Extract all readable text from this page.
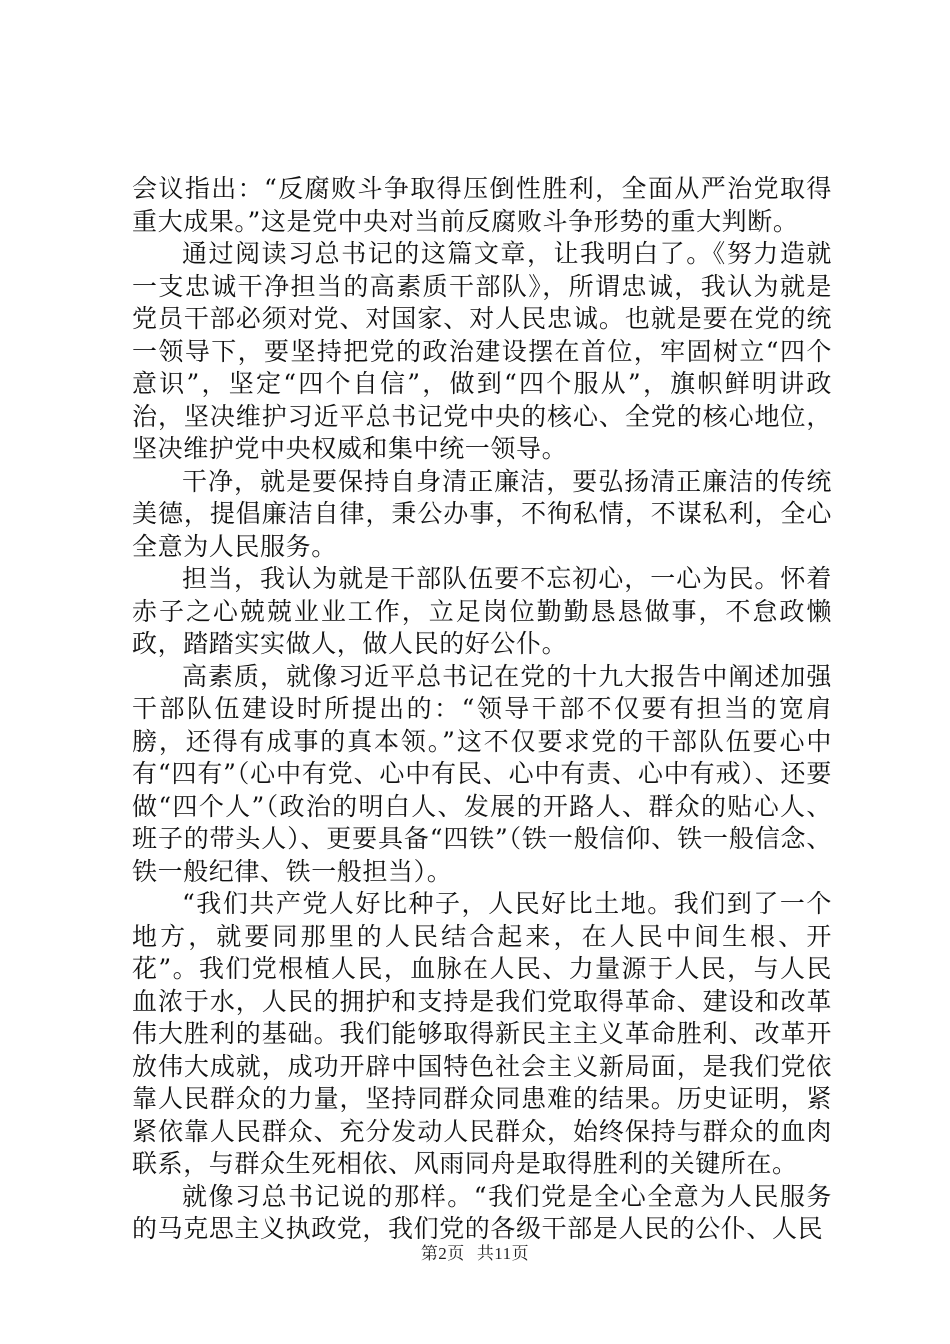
会议指出：“反腐败斗争取得压倒性胜利，全面从严治党取得重大成果。”这是党中央对当前反腐败斗争形势的重大判断。

通过阅读习总书记的这篇文章，让我明白了。《努力造就一支忠诚干净担当的高素质干部队》，所谓忠诚，我认为就是党员干部必须对党、对国家、对人民忠诚。也就是要在党的统一领导下，要坚持把党的政治建设摆在首位，牢固树立“四个意识”，坚定“四个自信”，做到“四个服从”，旗帜鲜明讲政治，坚决维护习近平总书记党中央的核心、全党的核心地位，坚决维护党中央权威和集中统一领导。

干净，就是要保持自身清正廉洁，要弘扬清正廉洁的传统美德，提倡廉洁自律，秉公办事，不徇私情，不谋私利，全心全意为人民服务。

担当，我认为就是干部队伍要不忘初心，一心为民。怀着赤子之心兢兢业业工作，立足岗位勤勤恳恳做事，不怠政懒政，踏踏实实做人，做人民的好公仆。

高素质，就像习近平总书记在党的十九大报告中阐述加强干部队伍建设时所提出的：“领导干部不仅要有担当的宽肩膀，还得有成事的真本领。”这不仅要求党的干部队伍要心中有“四有”（心中有党、心中有民、心中有责、心中有戒）、还要做“四个人”（政治的明白人、发展的开路人、群众的贴心人、班子的带头人）、更要具备“四铁”（铁一般信仰、铁一般信念、铁一般纪律、铁一般担当）。

“我们共产党人好比种子，人民好比土地。我们到了一个地方，就要同那里的人民结合起来，在人民中间生根、开花”。我们党根植人民，血脉在人民、力量源于人民，与人民血浓于水，人民的拥护和支持是我们党取得革命、建设和改革伟大胜利的基础。我们能够取得新民主主义革命胜利、改革开放伟大成就，成功开辟中国特色社会主义新局面，是我们党依靠人民群众的力量，坚持同群众同患难的结果。历史证明，紧紧依靠人民群众、充分发动人民群众，始终保持与群众的血肉联系，与群众生死相依、风雨同舟是取得胜利的关键所在。

就像习总书记说的那样。“我们党是全心全意为人民服务的马克思主义执政党，我们党的各级干部是人民的公仆、人民

第2页 共11页
